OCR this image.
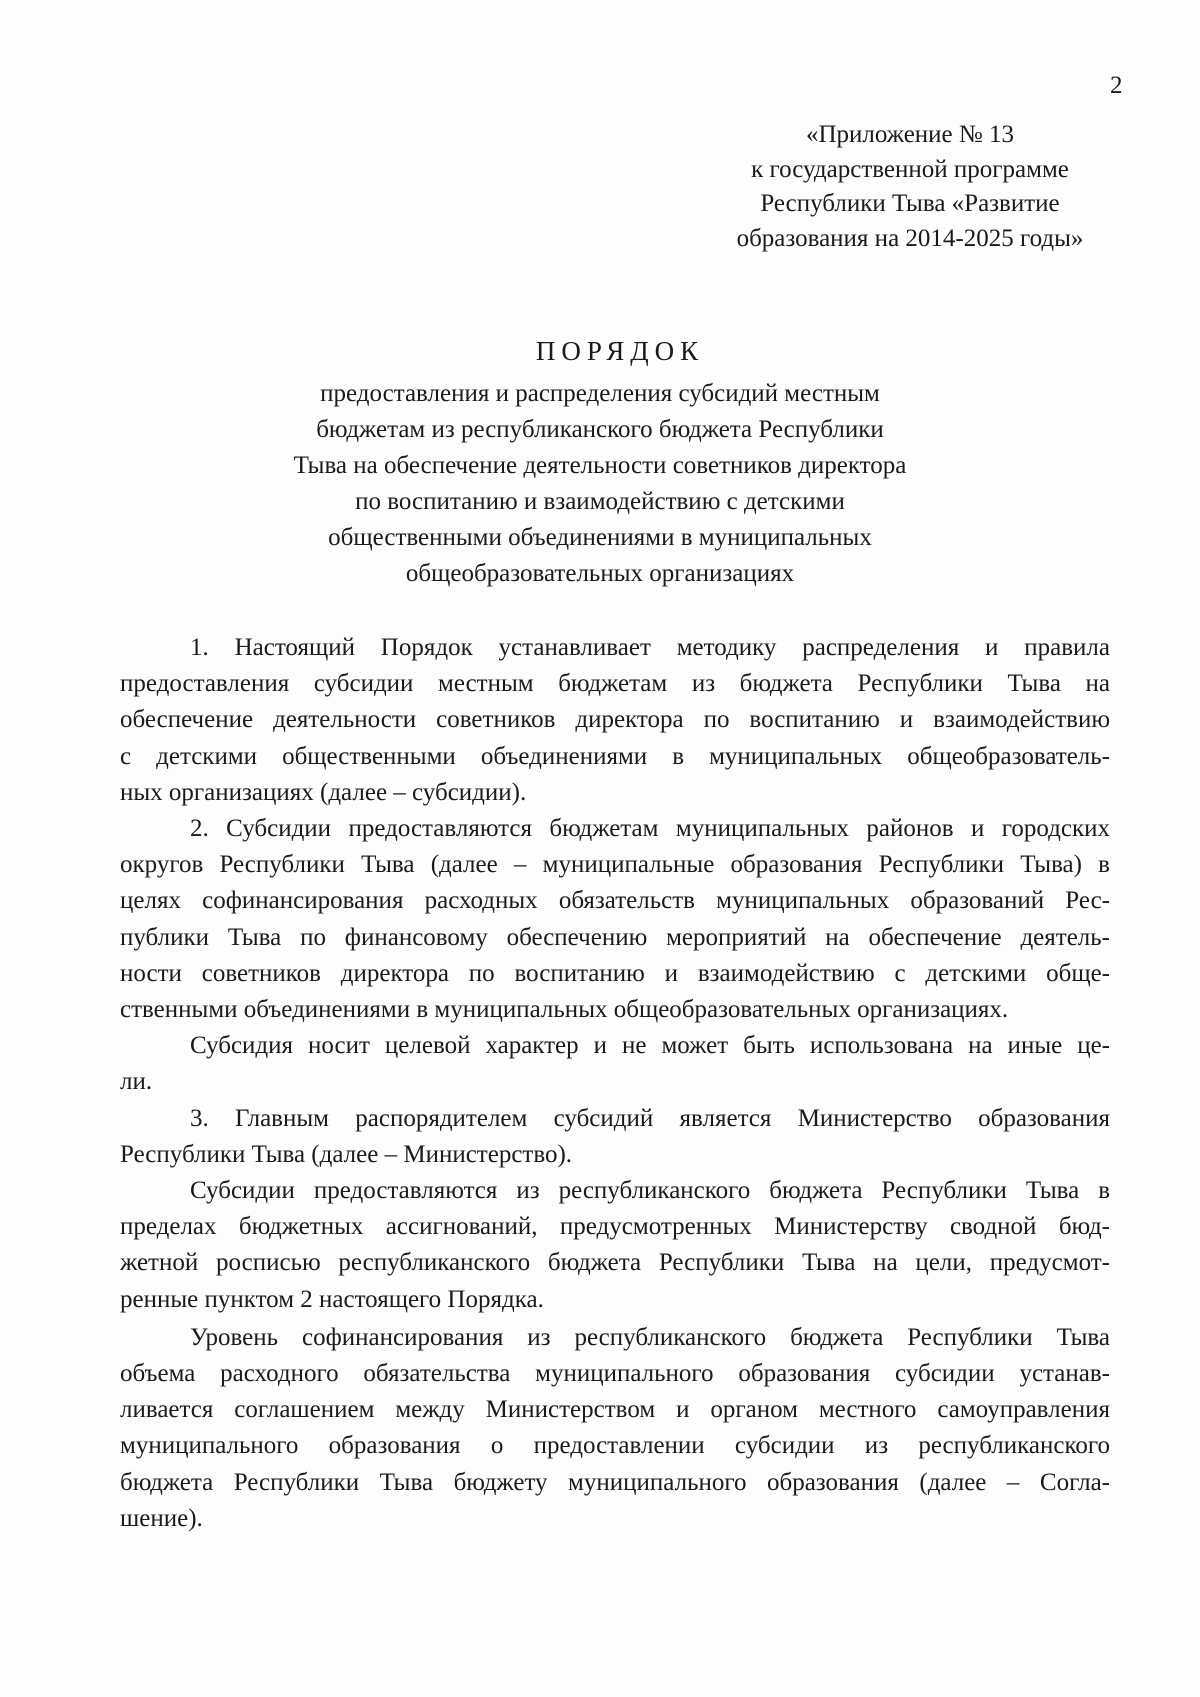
2
«Приложение № 13
к государственной программе
Республики Тыва «Развитие
образования на 2014-2025 годы»
ПОРЯДОК
предоставления и распределения субсидий местным
бюджетам из республиканского бюджета Республики
Тыва на обеспечение деятельности советников директора
по воспитанию и взаимодействию с детскими
общественными объединениями в муниципальных
общеобразовательных организациях
1. Настоящий Порядок устанавливает методику распределения и правила
предоставления субсидии местным бюджетам из бюджета Республики Тыва на
обеспечение деятельности советников директора по воспитанию и взаимодействию
с детскими общественными объединениями в муниципальных общеобразователь-
ных организациях (далее – субсидии).
2. Субсидии предоставляются бюджетам муниципальных районов и городских
округов Республики Тыва (далее – муниципальные образования Республики Тыва) в
целях софинансирования расходных обязательств муниципальных образований Рес-
публики Тыва по финансовому обеспечению мероприятий на обеспечение деятель-
ности советников директора по воспитанию и взаимодействию с детскими обще-
ственными объединениями в муниципальных общеобразовательных организациях.
Субсидия носит целевой характер и не может быть использована на иные це-
ли.
3. Главным распорядителем субсидий является Министерство образования
Республики Тыва (далее – Министерство).
Субсидии предоставляются из республиканского бюджета Республики Тыва в
пределах бюджетных ассигнований, предусмотренных Министерству сводной бюд-
жетной росписью республиканского бюджета Республики Тыва на цели, предусмот-
ренные пунктом 2 настоящего Порядка.
Уровень софинансирования из республиканского бюджета Республики Тыва
объема расходного обязательства муниципального образования субсидии устанав-
ливается соглашением между Министерством и органом местного самоуправления
муниципального образования о предоставлении субсидии из республиканского
бюджета Республики Тыва бюджету муниципального образования (далее – Согла-
шение).
